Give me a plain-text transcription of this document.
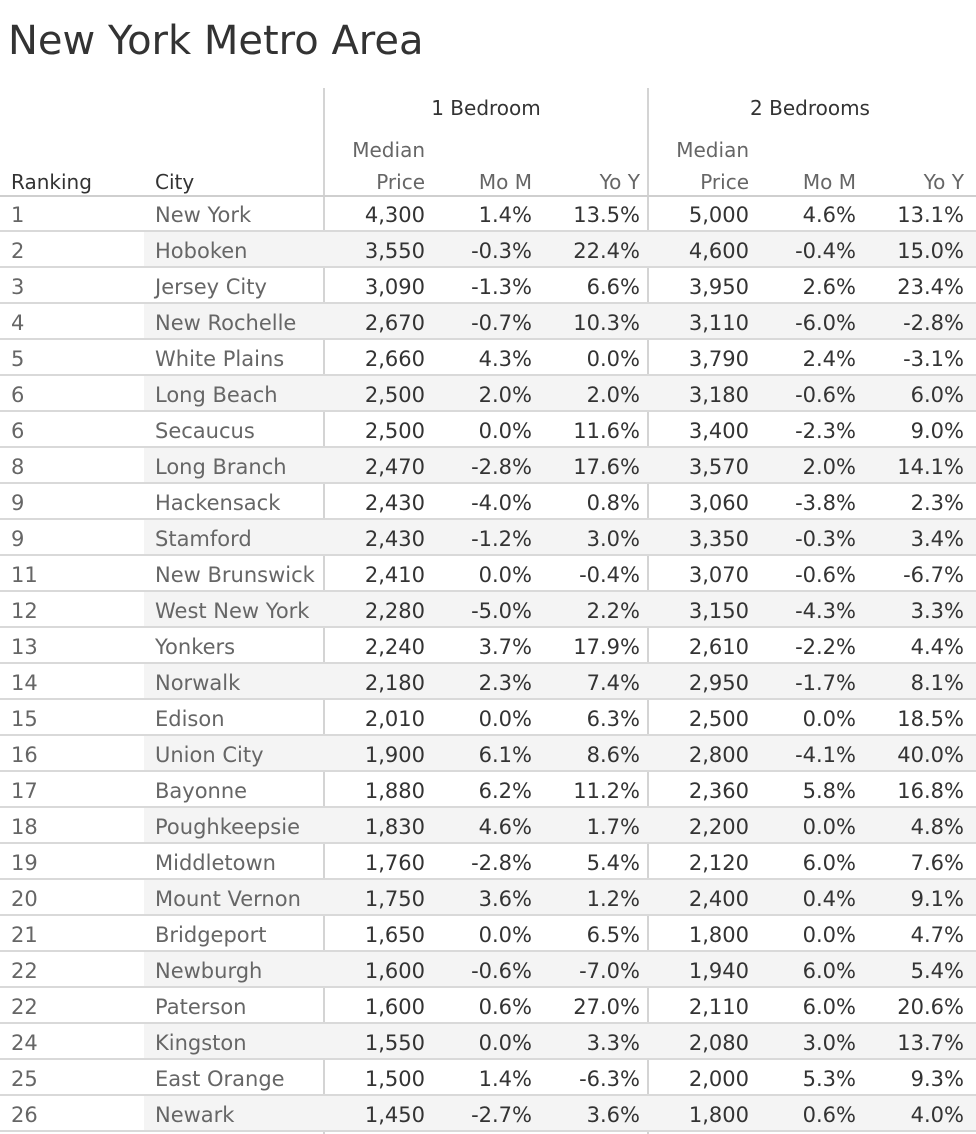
New York Metro Area
1 Bedroom	2 Bedrooms
Ranking	City
Median
Price	Mo M	Yo Y
Median
Price	Mo M	Yo Y
1	New York	4,300	1.4%	13.5%	5,000	4.6%	13.1%
2	Hoboken	3,550	-0.3%	22.4%	4,600	-0.4%	15.0%
3	Jersey City	3,090	-1.3%	6.6%	3,950	2.6%	23.4%
4	New Rochelle	2,670	-0.7%	10.3%	3,110	-6.0%	-2.8%
5	White Plains	2,660	4.3%	0.0%	3,790	2.4%	-3.1%
6	Long Beach	2,500	2.0%	2.0%	3,180	-0.6%	6.0%
6	Secaucus	2,500	0.0%	11.6%	3,400	-2.3%	9.0%
8	Long Branch	2,470	-2.8%	17.6%	3,570	2.0%	14.1%
9	Hackensack	2,430	-4.0%	0.8%	3,060	-3.8%	2.3%
9	Stamford	2,430	-1.2%	3.0%	3,350	-0.3%	3.4%
11	New Brunswick	2,410	0.0%	-0.4%	3,070	-0.6%	-6.7%
12	West New York	2,280	-5.0%	2.2%	3,150	-4.3%	3.3%
13	Yonkers	2,240	3.7%	17.9%	2,610	-2.2%	4.4%
14	Norwalk	2,180	2.3%	7.4%	2,950	-1.7%	8.1%
15	Edison	2,010	0.0%	6.3%	2,500	0.0%	18.5%
16	Union City	1,900	6.1%	8.6%	2,800	-4.1%	40.0%
17	Bayonne	1,880	6.2%	11.2%	2,360	5.8%	16.8%
18	Poughkeepsie	1,830	4.6%	1.7%	2,200	0.0%	4.8%
19	Middletown	1,760	-2.8%	5.4%	2,120	6.0%	7.6%
20	Mount Vernon	1,750	3.6%	1.2%	2,400	0.4%	9.1%
21	Bridgeport	1,650	0.0%	6.5%	1,800	0.0%	4.7%
22	Newburgh	1,600	-0.6%	-7.0%	1,940	6.0%	5.4%
22	Paterson	1,600	0.6%	27.0%	2,110	6.0%	20.6%
24	Kingston	1,550	0.0%	3.3%	2,080	3.0%	13.7%
25	East Orange	1,500	1.4%	-6.3%	2,000	5.3%	9.3%
26	Newark	1,450	-2.7%	3.6%	1,800	0.6%	4.0%
